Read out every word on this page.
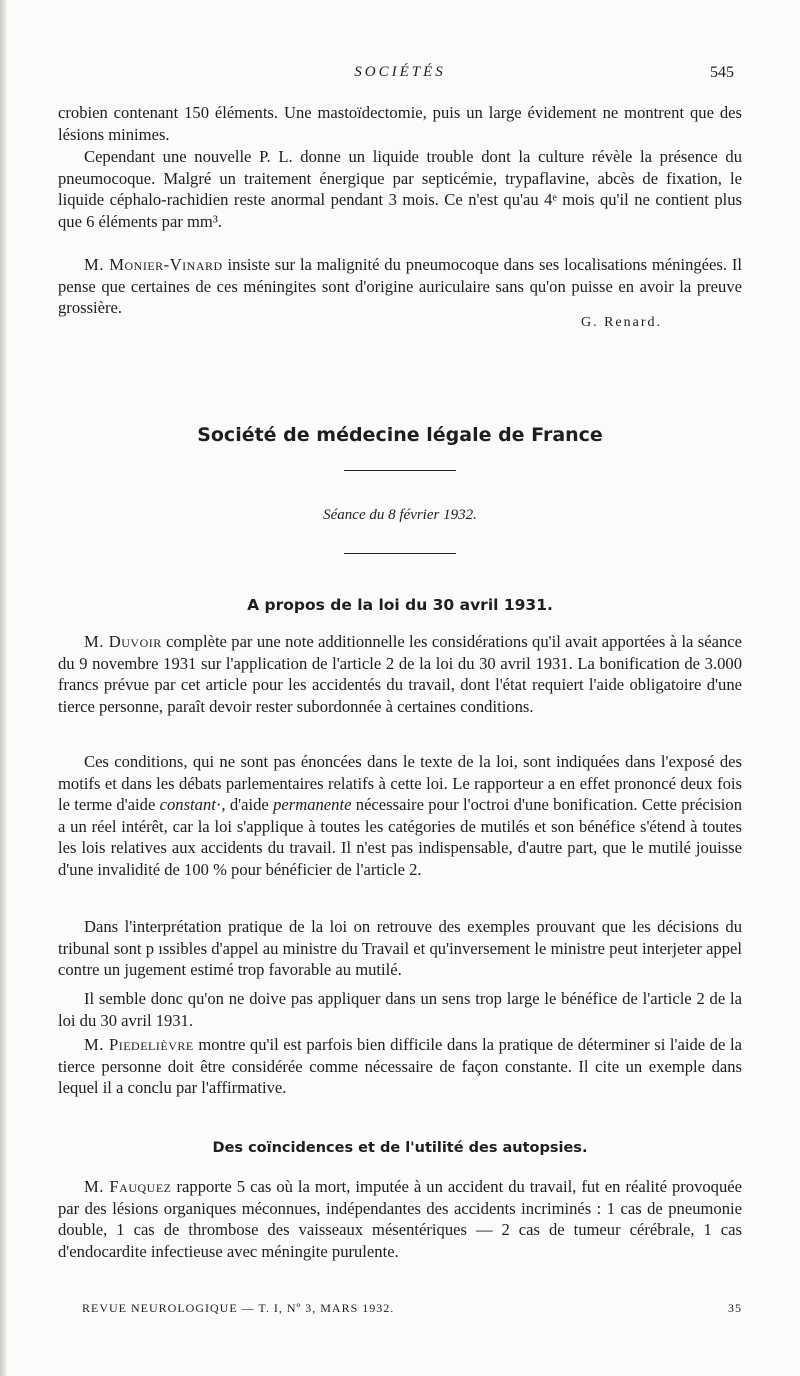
SOCIÉTÉS	545

crobien contenant 150 éléments. Une mastoïdectomie, puis un large évidement ne montrent que des lésions minimes.

Cependant une nouvelle P. L. donne un liquide trouble dont la culture révèle la présence du pneumocoque. Malgré un traitement énergique par septicémie, trypaflavine, abcès de fixation, le liquide céphalo-rachidien reste anormal pendant 3 mois. Ce n'est qu'au 4ᵉ mois qu'il ne contient plus que 6 éléments par mm³.

M. Monier-Vinard insiste sur la malignité du pneumocoque dans ses localisations méningées. Il pense que certaines de ces méningites sont d'origine auriculaire sans qu'on puisse en avoir la preuve grossière.

G. Renard.
Société de médecine légale de France

Séance du 8 février 1932.

A propos de la loi du 30 avril 1931.

M. Duvoir complète par une note additionnelle les considérations qu'il avait apportées à la séance du 9 novembre 1931 sur l'application de l'article 2 de la loi du 30 avril 1931. La bonification de 3.000 francs prévue par cet article pour les accidentés du travail, dont l'état requiert l'aide obligatoire d'une tierce personne, paraît devoir rester subordonnée à certaines conditions.

Ces conditions, qui ne sont pas énoncées dans le texte de la loi, sont indiquées dans l'exposé des motifs et dans les débats parlementaires relatifs à cette loi. Le rapporteur a en effet prononcé deux fois le terme d'aide constant·, d'aide permanente nécessaire pour l'octroi d'une bonification. Cette précision a un réel intérêt, car la loi s'applique à toutes les catégories de mutilés et son bénéfice s'étend à toutes les lois relatives aux accidents du travail. Il n'est pas indispensable, d'autre part, que le mutilé jouisse d'une invalidité de 100 % pour bénéficier de l'article 2.

Dans l'interprétation pratique de la loi on retrouve des exemples prouvant que les décisions du tribunal sont p ıssibles d'appel au ministre du Travail et qu'inversement le ministre peut interjeter appel contre un jugement estimé trop favorable au mutilé.

Il semble donc qu'on ne doive pas appliquer dans un sens trop large le bénéfice de l'article 2 de la loi du 30 avril 1931.

M. Piedelièvre montre qu'il est parfois bien difficile dans la pratique de déterminer si l'aide de la tierce personne doit être considérée comme nécessaire de façon constante. Il cite un exemple dans lequel il a conclu par l'affirmative.

Des coïncidences et de l'utilité des autopsies.

M. Fauquez rapporte 5 cas où la mort, imputée à un accident du travail, fut en réalité provoquée par des lésions organiques méconnues, indépendantes des accidents incriminés : 1 cas de pneumonie double, 1 cas de thrombose des vaisseaux mésentériques — 2 cas de tumeur cérébrale, 1 cas d'endocardite infectieuse avec méningite purulente.

REVUE NEUROLOGIQUE — T. I, Nº 3, MARS 1932.	35
